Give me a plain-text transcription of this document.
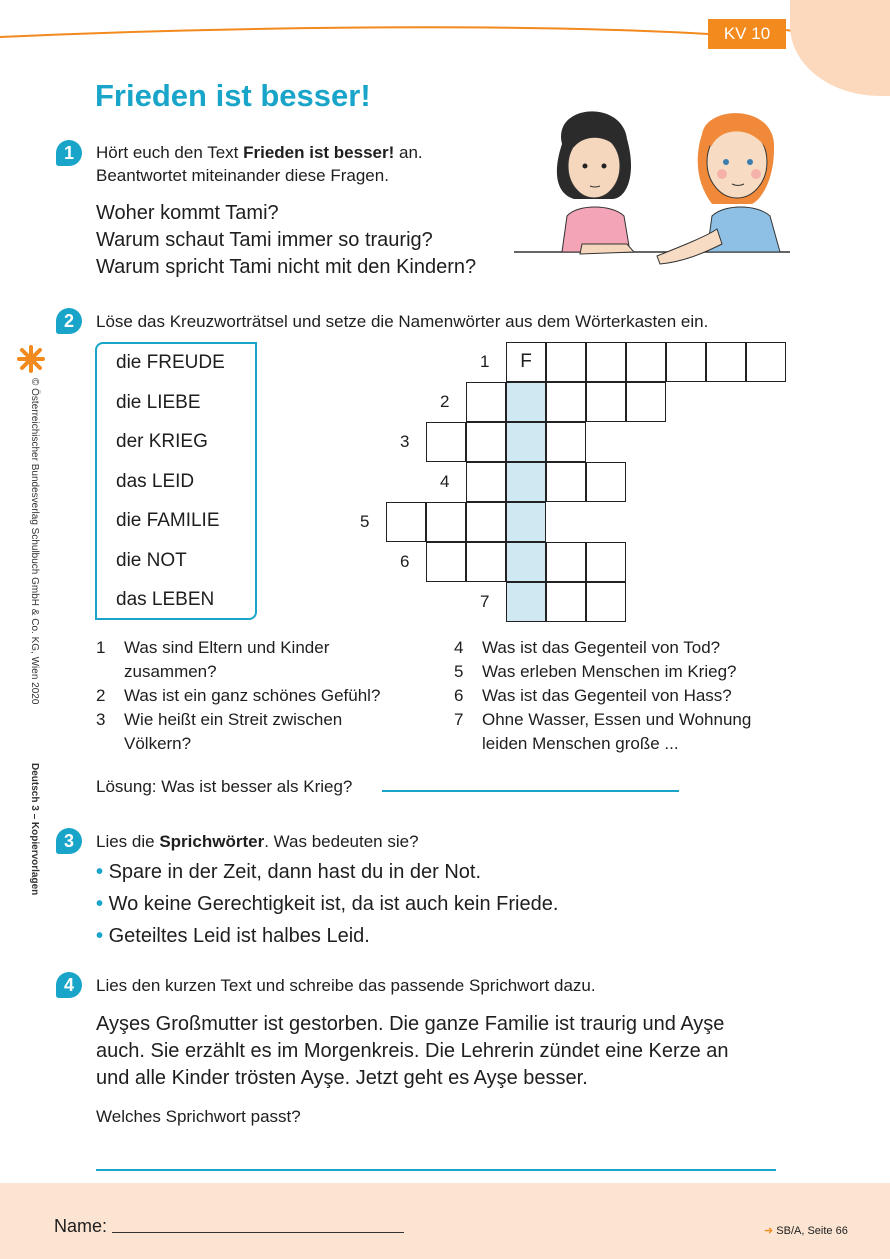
KV 10
Frieden ist besser!
1	Hört euch den Text Frieden ist besser! an.
Beantwortet miteinander diese Fragen.
Woher kommt Tami?
Warum schaut Tami immer so traurig?
Warum spricht Tami nicht mit den Kindern?
2	Löse das Kreuzworträtsel und setze die Namenwörter aus dem Wörterkasten ein.
die FREUDE
die LIEBE
der KRIEG
das LEID
die FAMILIE
die NOT
das LEBEN
1	F
2
3
4
5
6
7
1 Was sind Eltern und Kinder
zusammen?
2 Was ist ein ganz schönes Gefühl?
3 Wie heißt ein Streit zwischen
Völkern?
4 Was ist das Gegenteil von Tod?
5 Was erleben Menschen im Krieg?
6 Was ist das Gegenteil von Hass?
7 Ohne Wasser, Essen und Wohnung
leiden Menschen große ...
Lösung: Was ist besser als Krieg?
3	Lies die Sprichwörter. Was bedeuten sie?
• Spare in der Zeit, dann hast du in der Not.
• Wo keine Gerechtigkeit ist, da ist auch kein Friede.
• Geteiltes Leid ist halbes Leid.
4	Lies den kurzen Text und schreibe das passende Sprichwort dazu.
Ayşes Großmutter ist gestorben. Die ganze Familie ist traurig und Ayşe
auch. Sie erzählt es im Morgenkreis. Die Lehrerin zündet eine Kerze an
und alle Kinder trösten Ayşe. Jetzt geht es Ayşe besser.
Welches Sprichwort passt?
© Österreichischer Bundesverlag Schulbuch GmbH & Co. KG, Wien 2020
Deutsch 3 – Kopiervorlagen
Name:	➜ SB/A, Seite 66
